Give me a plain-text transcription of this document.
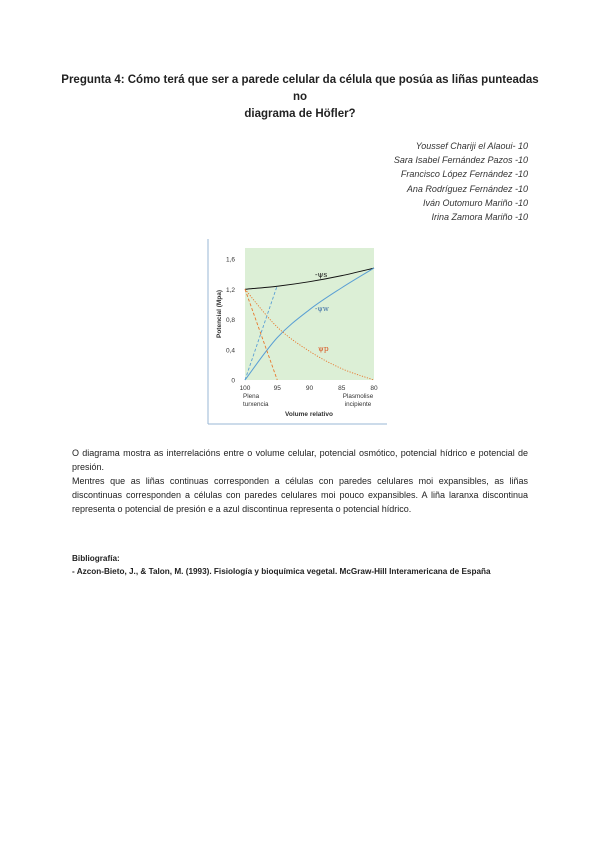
Pregunta 4: Cómo terá que ser a parede celular da célula que posúa as liñas punteadas no
diagrama de Höfler?
Youssef Chariji el Alaoui- 10
Sara Isabel Fernández Pazos -10
Francisco López Fernández -10
Ana Rodríguez Fernández -10
Iván Outomuro Mariño -10
Irina Zamora Mariño -10
1,6
1,2
0,8
0,4
0
100	95	90	85	80
Potencial (Mpa)
Volume relativo
Plena
turxencia
Plasmolise
incipiente
-ψs
-ψw
ψp

O diagrama mostra as interrelacións entre o volume celular, potencial osmótico, potencial hídrico e potencial de presión.

Mentres que as liñas continuas corresponden a células con paredes celulares moi expansibles, as liñas discontinuas corresponden a células con paredes celulares moi pouco expansibles. A liña laranxa discontinua representa o potencial de presión e a azul discontinua representa o potencial hídrico.

Bibliografía:

- Azcon-Bieto, J., & Talon, M. (1993). Fisiología y bioquímica vegetal. McGraw-Hill Interamericana de España
